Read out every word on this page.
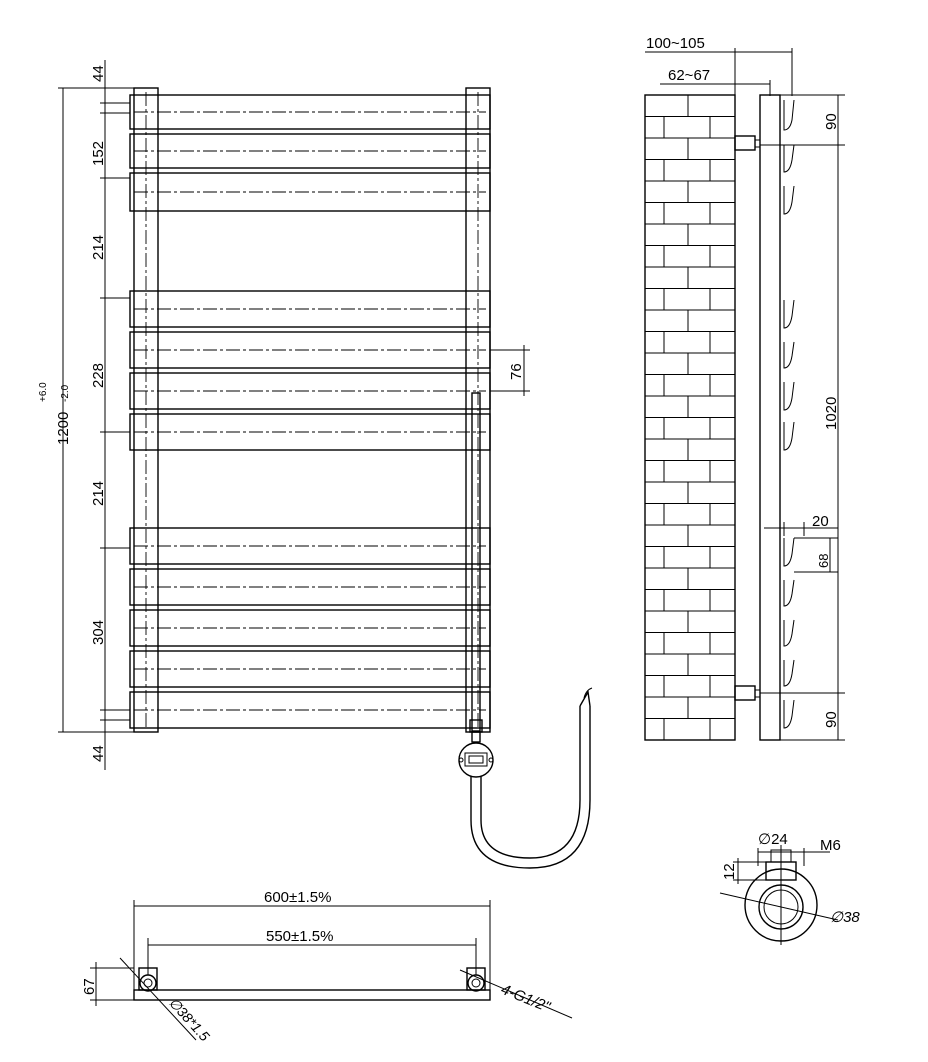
1200
+6.0 -2.0
44
152
214
228
214
304
44
76
100~105
62~67
90
1020
90
20
68
600±1.5%
550±1.5%
67
∅38*1.5	4-G1/2"
∅24 M6
12
∅38
